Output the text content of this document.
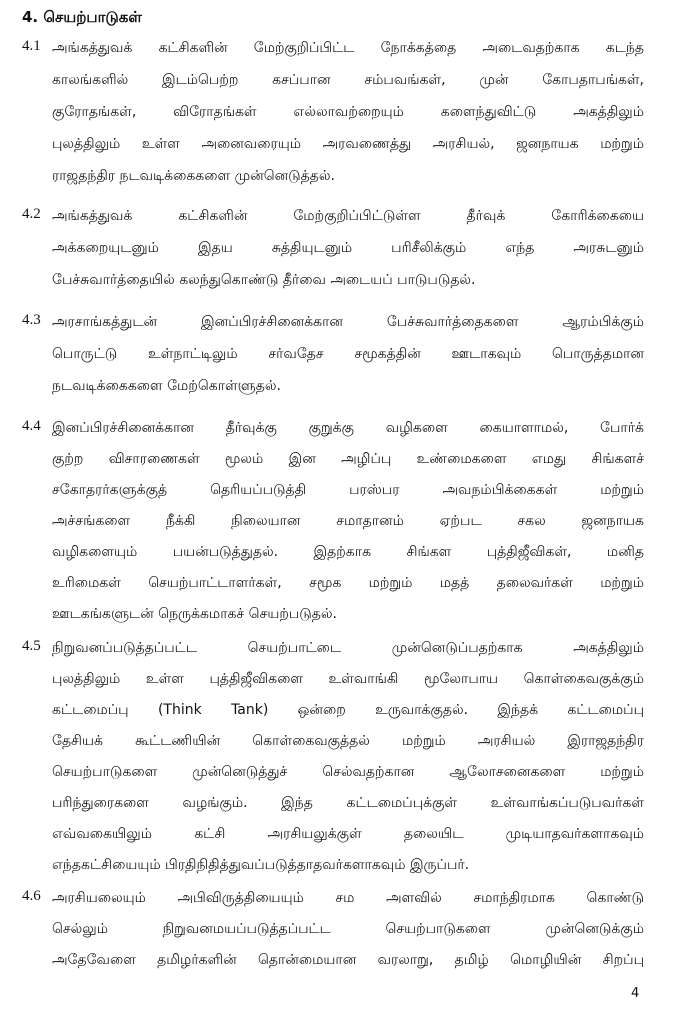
4. செயற்பாடுகள்
4.1 அங்கத்துவக் கட்சிகளின் மேற்குறிப்பிட்ட நோக்கத்தை அடைவதற்காக கடந்த
காலங்களில் இடம்பெற்ற கசப்பான சம்பவங்கள், முன் கோபதாபங்கள்,
குரோதங்கள், விரோதங்கள் எல்லாவற்றையும் களைந்துவிட்டு அகத்திலும்
புலத்திலும் உள்ள அனைவரையும் அரவணைத்து அரசியல், ஜனநாயக மற்றும்
ராஜதந்திர நடவடிக்கைகளை முன்னெடுத்தல்.
4.2 அங்கத்துவக் கட்சிகளின் மேற்குறிப்பிட்டுள்ள தீர்வுக் கோரிக்கையை
அக்கறையுடனும் இதய சுத்தியுடனும் பரிசீலிக்கும் எந்த அரசுடனும்
பேச்சுவார்த்தையில் கலந்துகொண்டு தீர்வை அடையப் பாடுபடுதல்.
4.3 அரசாங்கத்துடன் இனப்பிரச்சினைக்கான பேச்சுவார்த்தைகளை ஆரம்பிக்கும்
பொருட்டு உள்நாட்டிலும் சர்வதேச சமூகத்தின் ஊடாகவும் பொருத்தமான
நடவடிக்கைகளை மேற்கொள்ளுதல்.
4.4 இனப்பிரச்சினைக்கான தீர்வுக்கு குறுக்கு வழிகளை கையாளாமல், போர்க்
குற்ற விசாரணைகள் மூலம் இன அழிப்பு உண்மைகளை எமது சிங்களச்
சகோதரர்களுக்குத் தெரியப்படுத்தி பரஸ்பர அவநம்பிக்கைகள் மற்றும்
அச்சங்களை நீக்கி நிலையான சமாதானம் ஏற்பட சகல ஜனநாயக
வழிகளையும் பயன்படுத்துதல். இதற்காக சிங்கள புத்திஜீவிகள், மனித
உரிமைகள் செயற்பாட்டாளர்கள், சமூக மற்றும் மதத் தலைவர்கள் மற்றும்
ஊடகங்களுடன் நெருக்கமாகச் செயற்படுதல்.
4.5 நிறுவனப்படுத்தப்பட்ட செயற்பாட்டை முன்னெடுப்பதற்காக அகத்திலும்
புலத்திலும் உள்ள புத்திஜீவிகளை உள்வாங்கி மூலோபாய கொள்கைவகுக்கும்
கட்டமைப்பு (Think Tank) ஒன்றை உருவாக்குதல். இந்தக் கட்டமைப்பு
தேசியக் கூட்டணியின் கொள்கைவகுத்தல் மற்றும் அரசியல் இராஜதந்திர
செயற்பாடுகளை முன்னெடுத்துச் செல்வதற்கான ஆலோசனைகளை மற்றும்
பரிந்துரைகளை வழங்கும். இந்த கட்டமைப்புக்குள் உள்வாங்கப்படுபவர்கள்
எவ்வகையிலும் கட்சி அரசியலுக்குள் தலையிட முடியாதவர்களாகவும்
எந்தகட்சியையும் பிரதிநிதித்துவப்படுத்தாதவர்களாகவும் இருப்பர்.
4.6 அரசியலையும் அபிவிருத்தியையும் சம அளவில் சமாந்திரமாக கொண்டு
செல்லும் நிறுவனமயப்படுத்தப்பட்ட செயற்பாடுகளை முன்னெடுக்கும்
அதேவேளை தமிழர்களின் தொன்மையான வரலாறு, தமிழ் மொழியின் சிறப்பு
4
